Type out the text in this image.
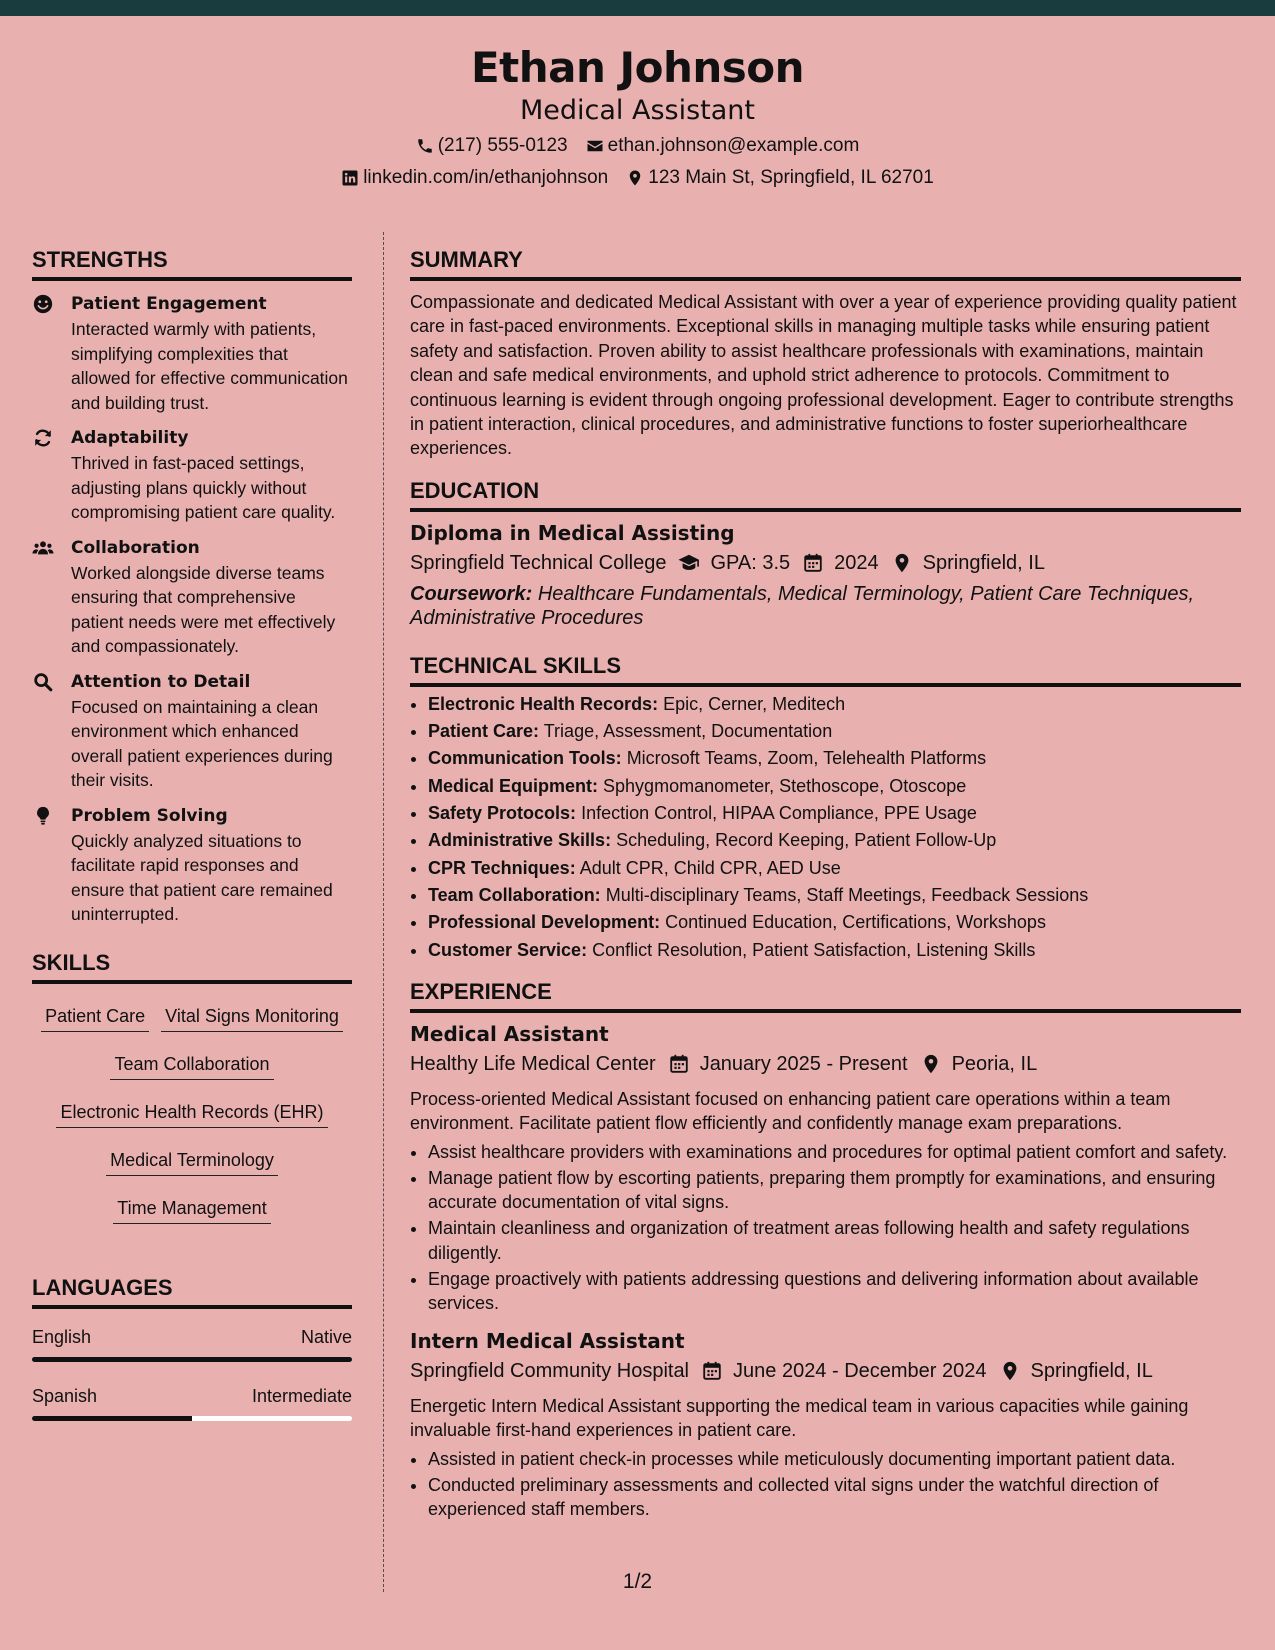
Ethan Johnson
Medical Assistant
(217) 555-0123 ethan.johnson@example.com
linkedin.com/in/ethanjohnson 123 Main St, Springfield, IL 62701
STRENGTHS
Patient Engagement
Interacted warmly with patients, simplifying complexities that allowed for effective communication and building trust.
Adaptability
Thrived in fast-paced settings, adjusting plans quickly without compromising patient care quality.
Collaboration
Worked alongside diverse teams ensuring that comprehensive patient needs were met effectively and compassionately.
Attention to Detail
Focused on maintaining a clean environment which enhanced overall patient experiences during their visits.
Problem Solving
Quickly analyzed situations to facilitate rapid responses and ensure that patient care remained uninterrupted.
SKILLS
Patient Care Vital Signs Monitoring
Team Collaboration
Electronic Health Records (EHR)
Medical Terminology
Time Management
LANGUAGES
English	Native
Spanish	Intermediate
SUMMARY
Compassionate and dedicated Medical Assistant with over a year of experience providing quality patient care in fast-paced environments. Exceptional skills in managing multiple tasks while ensuring patient safety and satisfaction. Proven ability to assist healthcare professionals with examinations, maintain clean and safe medical environments, and uphold strict adherence to protocols. Commitment to continuous learning is evident through ongoing professional development. Eager to contribute strengths in patient interaction, clinical procedures, and administrative functions to foster superiorhealthcare experiences.
EDUCATION
Diploma in Medical Assisting
Springfield Technical College GPA: 3.5 2024 Springfield, IL
Coursework: Healthcare Fundamentals, Medical Terminology, Patient Care Techniques, Administrative Procedures
TECHNICAL SKILLS
• Electronic Health Records: Epic, Cerner, Meditech
• Patient Care: Triage, Assessment, Documentation
• Communication Tools: Microsoft Teams, Zoom, Telehealth Platforms
• Medical Equipment: Sphygmomanometer, Stethoscope, Otoscope
• Safety Protocols: Infection Control, HIPAA Compliance, PPE Usage
• Administrative Skills: Scheduling, Record Keeping, Patient Follow-Up
• CPR Techniques: Adult CPR, Child CPR, AED Use
• Team Collaboration: Multi-disciplinary Teams, Staff Meetings, Feedback Sessions
• Professional Development: Continued Education, Certifications, Workshops
• Customer Service: Conflict Resolution, Patient Satisfaction, Listening Skills
EXPERIENCE
Medical Assistant
Healthy Life Medical Center January 2025 - Present Peoria, IL
Process-oriented Medical Assistant focused on enhancing patient care operations within a team environment. Facilitate patient flow efficiently and confidently manage exam preparations.
• Assist healthcare providers with examinations and procedures for optimal patient comfort and safety.
• Manage patient flow by escorting patients, preparing them promptly for examinations, and ensuring accurate documentation of vital signs.
• Maintain cleanliness and organization of treatment areas following health and safety regulations diligently.
• Engage proactively with patients addressing questions and delivering information about available services.
Intern Medical Assistant
Springfield Community Hospital June 2024 - December 2024 Springfield, IL
Energetic Intern Medical Assistant supporting the medical team in various capacities while gaining invaluable first-hand experiences in patient care.
• Assisted in patient check-in processes while meticulously documenting important patient data.
• Conducted preliminary assessments and collected vital signs under the watchful direction of experienced staff members.
1/2
